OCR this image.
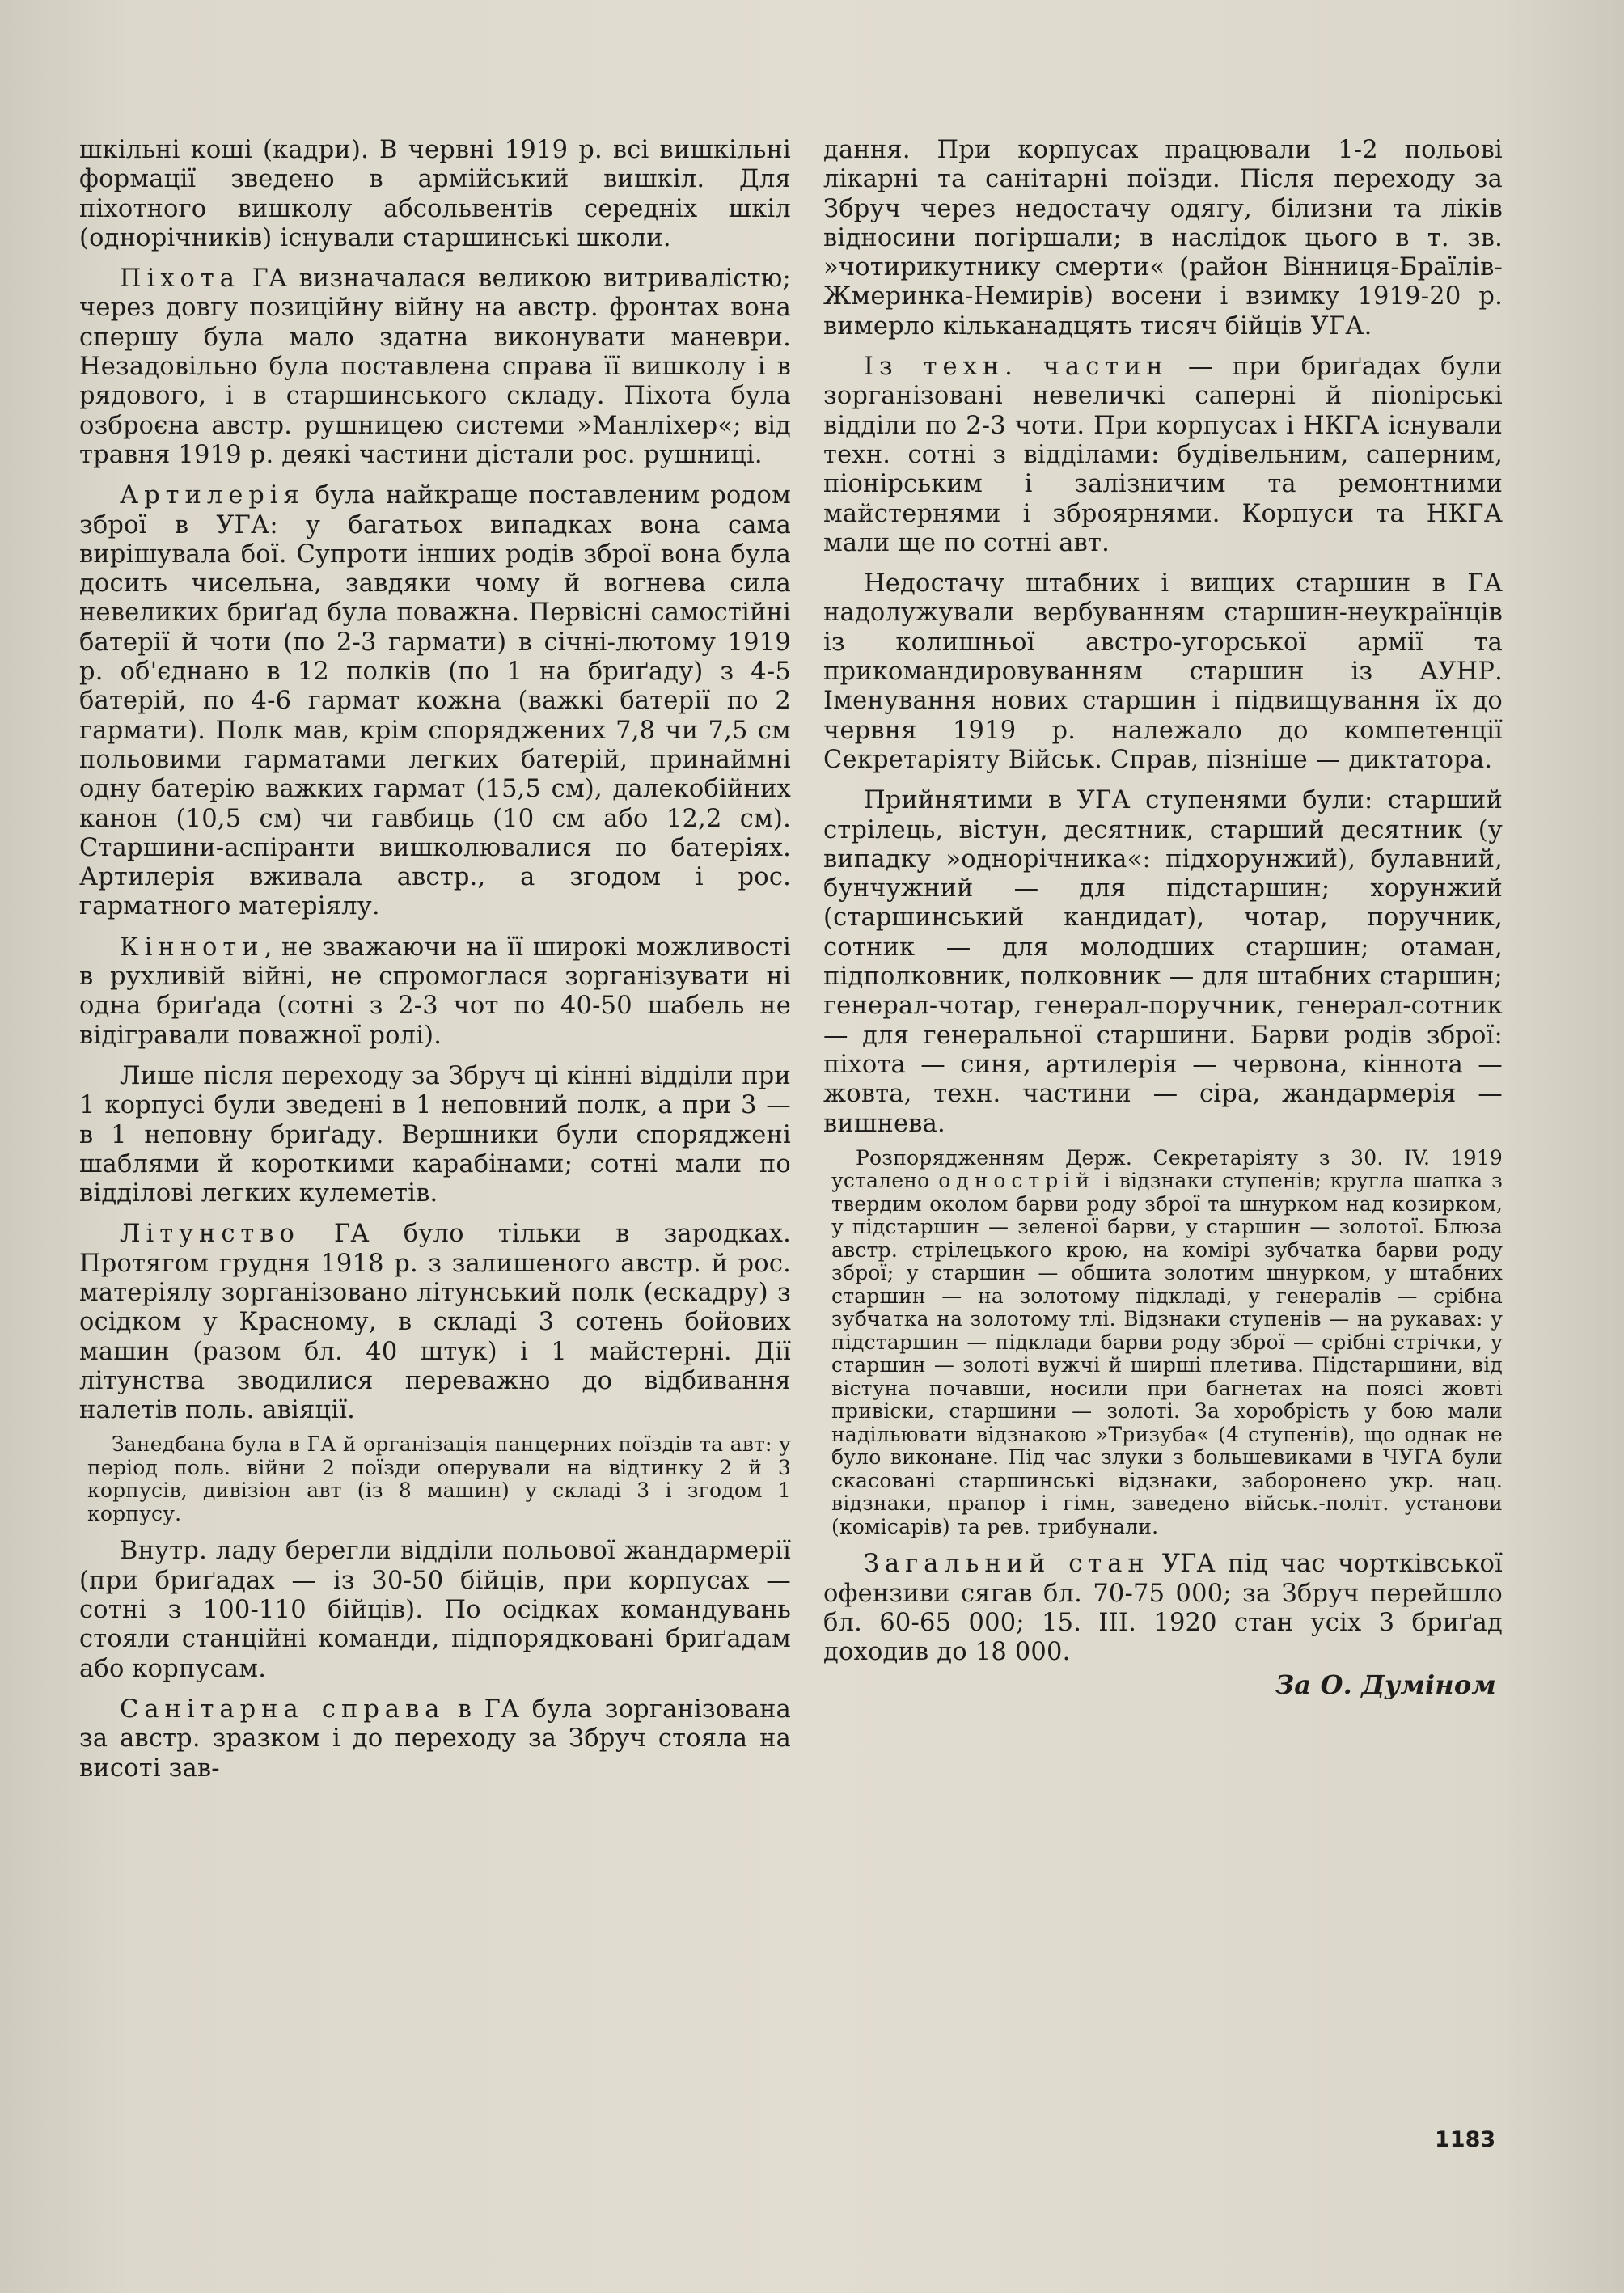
шкільні коші (кадри). В червні 1919 р. всі вишкільні формації зведено в армійський вишкіл. Для піхотного вишколу абсольвентів середніх шкіл (однорічників) існували старшинські школи.

Піхота ГА визначалася великою витривалістю; через довгу позиційну війну на австр. фронтах вона спершу була мало здатна виконувати маневри. Незадовільно була поставлена справа її вишколу і в рядового, і в старшинського складу. Піхота була озброєна австр. рушницею системи »Манліхер«; від травня 1919 р. деякі частини дістали рос. рушниці.

Артилерія була найкраще поставленим родом зброї в УГА: у багатьох випадках вона сама вирішувала бої. Супроти інших родів зброї вона була досить чисельна, завдяки чому й вогнева сила невеликих бриґад була поважна. Первісні самостійні батерії й чоти (по 2-3 гармати) в січні-лютому 1919 р. об'єднано в 12 полків (по 1 на бриґаду) з 4-5 батерій, по 4-6 гармат кожна (важкі батерії по 2 гармати). Полк мав, крім споряджених 7,8 чи 7,5 см польовими гарматами легких батерій, принаймні одну батерію важких гармат (15,5 см), далекобійних канон (10,5 см) чи гавбиць (10 см або 12,2 см). Старшини-аспіранти вишколювалися по батеріях. Артилерія вживала австр., а згодом і рос. гарматного матеріялу.

Кінноти, не зважаючи на її широкі можливості в рухливій війні, не спромоглася зорганізувати ні одна бриґада (сотні з 2-3 чот по 40-50 шабель не відігравали поважної ролі).

Лише після переходу за Збруч ці кінні відділи при 1 корпусі були зведені в 1 неповний полк, а при 3 — в 1 неповну бриґаду. Вершники були споряджені шаблями й короткими карабінами; сотні мали по відділові легких кулеметів.

Літунство ГА було тільки в зародках. Протягом грудня 1918 р. з залишеного австр. й рос. матеріялу зорганізовано літунський полк (ескадру) з осідком у Красному, в складі 3 сотень бойових машин (разом бл. 40 штук) і 1 майстерні. Дії літунства зводилися переважно до відбивання налетів поль. авіяції.

Занедбана була в ГА й організація панцерних поїздів та авт: у період поль. війни 2 поїзди оперували на відтинку 2 й 3 корпусів, дивізіон авт (із 8 машин) у складі 3 і згодом 1 корпусу.

Внутр. ладу берегли відділи польової жандармерії (при бриґадах — із 30-50 бійців, при корпусах — сотні з 100-110 бійців). По осідках командувань стояли станційні команди, підпорядковані бриґадам або корпусам.

Санітарна справа в ГА була зорганізована за австр. зразком і до переходу за Збруч стояла на висоті зав-

дання. При корпусах працювали 1-2 польові лікарні та санітарні поїзди. Після переходу за Збруч через недостачу одягу, білизни та ліків відносини погіршали; в наслідок цього в т. зв. »чотирикутнику смерти« (район Вінниця-Браїлів-Жмеринка-Немирів) восени і взимку 1919-20 р. вимерло кільканадцять тисяч бійців УГА.

Із техн. частин — при бриґадах були зорганізовані невеличкі саперні й пionірські відділи по 2-3 чоти. При корпусах і НКГА існували техн. сотні з відділами: будівельним, саперним, піонірським і залізничим та ремонтними майстернями і зброярнями. Корпуси та НКГА мали ще по сотні авт.

Недостачу штабних і вищих старшин в ГА надолужували вербуванням старшин-неукраїнців із колишньої австро-угорської армії та прикомандировуванням старшин із АУНР. Іменування нових старшин і підвищування їх до червня 1919 р. належало до компетенції Секретаріяту Військ. Справ, пізніше — диктатора.

Прийнятими в УГА ступенями були: старший стрілець, вістун, десятник, старший десятник (у випадку »однорічника«: підхорунжий), булавний, бунчужний — для підстаршин; хорунжий (старшинський кандидат), чотар, поручник, сотник — для молодших старшин; отаман, підполковник, полковник — для штабних старшин; генерал-чотар, генерал-поручник, генерал-сотник — для генеральної старшини. Барви родів зброї: піхота — синя, артилерія — червона, кіннота — жовта, техн. частини — сіра, жандармерія — вишнева.

Розпорядженням Держ. Секретаріяту з 30. IV. 1919 усталено однострій і відзнаки ступенів; кругла шапка з твердим околом барви роду зброї та шнурком над козирком, у підстаршин — зеленої барви, у старшин — золотої. Блюза австр. стрілецького крою, на комірі зубчатка барви роду зброї; у старшин — обшита золотим шнурком, у штабних старшин — на золотому підкладі, у генералів — срібна зубчатка на золотому тлі. Відзнаки ступенів — на рукавах: у підстаршин — підклади барви роду зброї — срібні стрічки, у старшин — золоті вужчі й ширші плетива. Підстаршини, від вістуна почавши, носили при багнетах на поясі жовті привіски, старшини — золоті. За хоробрість у бою мали надільювати відзнакою »Тризуба« (4 ступенів), що однак не було виконане. Під час злуки з большевиками в ЧУГА були скасовані старшинські відзнаки, заборонено укр. нац. відзнаки, прапор і гімн, заведено військ.-політ. установи (комісарів) та рев. трибунали.

Загальний стан УГА під час чортківської офензиви сягав бл. 70-75 000; за Збруч перейшло бл. 60-65 000; 15. III. 1920 стан усіх 3 бриґад доходив до 18 000.

За О. Думіном
1183
